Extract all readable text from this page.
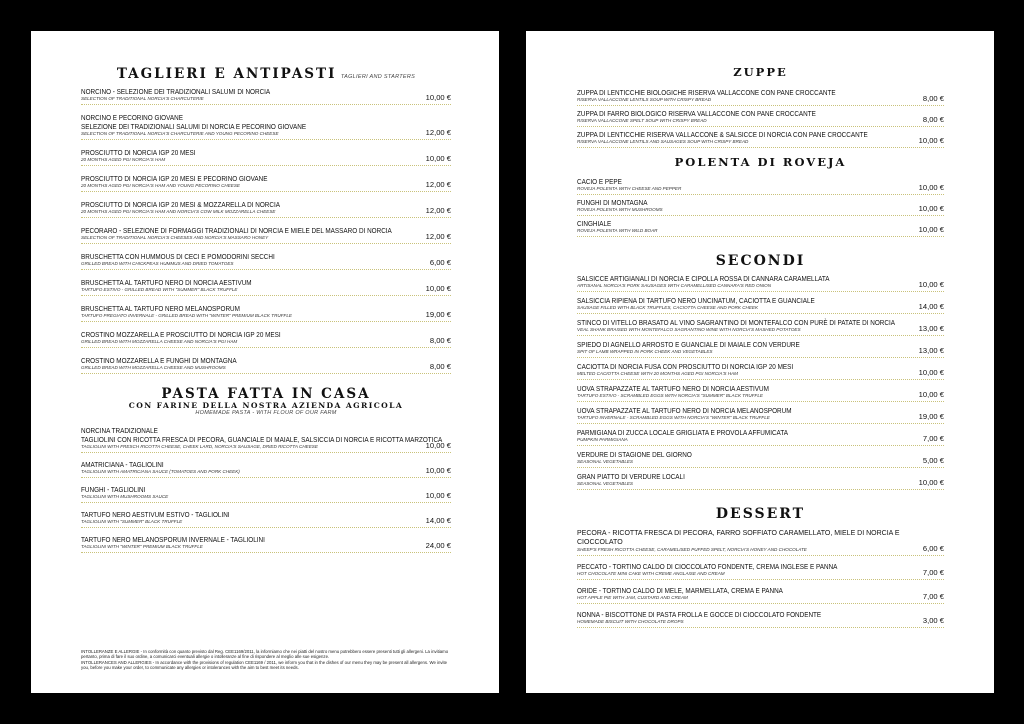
TAGLIERI E ANTIPASTI TAGLIERI AND STARTERS
NORCINO - SELEZIONE DEI TRADIZIONALI SALUMI DI NORCIA
SELECTION OF TRADITIONAL NORCIA'S CHARCUTERIE	10,00 €
NORCINO E PECORINO GIOVANE
SELEZIONE DEI TRADIZIONALI SALUMI DI NORCIA E PECORINO GIOVANE
SELECTION OF TRADITIONAL NORCIA'S CHARCUTERIE AND YOUNG PECORINO CHEESE	12,00 €
PROSCIUTTO DI NORCIA IGP 20 MESI
20 MONTHS AGED PGI NORCIA'S HAM	10,00 €
PROSCIUTTO DI NORCIA IGP 20 MESI E PECORINO GIOVANE
20 MONTHS AGED PGI NORCIA'S HAM AND YOUNG PECORINO CHEESE	12,00 €
PROSCIUTTO DI NORCIA IGP 20 MESI & MOZZARELLA DI NORCIA
20 MONTHS AGED PGI NORCIA'S HAM AND NORCIA'S COW MILK MOZZARELLA CHEESE	12,00 €
PECORARO - SELEZIONE DI FORMAGGI TRADIZIONALI DI NORCIA E MIELE DEL MASSARO DI NORCIA
SELECTION OF TRADITIONAL NORCIA'S CHEESES AND NORCIA'S MASSARO HONEY	12,00 €
BRUSCHETTA CON HUMMOUS DI CECI E POMODORINI SECCHI
GRILLED BREAD WITH CHICKPEAS HUMMUS AND DRIED TOMATOES	6,00 €
BRUSCHETTA AL TARTUFO NERO DI NORCIA AESTIVUM
TARTUFO ESTIVO - GRILLED BREAD WITH "SUMMER" BLACK TRUFFLE	10,00 €
BRUSCHETTA AL TARTUFO NERO MELANOSPORUM
TARTUFO PREGIATO INVERNALE - GRILLED BREAD WITH "WINTER" PREMIUM BLACK TRUFFLE	19,00 €
CROSTINO MOZZARELLA E PROSCIUTTO DI NORCIA IGP 20 MESI
GRILLED BREAD WITH MOZZARELLA CHEESE AND NORCIA'S PGI HAM	8,00 €
CROSTINO MOZZARELLA E FUNGHI DI MONTAGNA
GRILLED BREAD WITH MOZZARELLA CHEESE AND MUSHROOMS	8,00 €
PASTA FATTA IN CASA
CON FARINE DELLA NOSTRA AZIENDA AGRICOLA
HOMEMADE PASTA - WITH FLOUR OF OUR FARM
NORCINA TRADIZIONALE
TAGLIOLINI CON RICOTTA FRESCA DI PECORA, GUANCIALE DI MAIALE, SALSICCIA DI NORCIA E RICOTTA MARZOTICA
TAGLIOLINI WITH FRESCH RICOTTA CHEESE, CHEEK LARD, NORCIA'S SAUSAGE, DRIED RICOTTA CHEESE	10,00 €
AMATRICIANA - TAGLIOLINI
TAGLIOLINI WITH AMATRICIANA SAUCE (TOMATOES AND PORK CHEEK)	10,00 €
FUNGHI - TAGLIOLINI
TAGLIOLINI WITH MUSHROOMS SAUCE	10,00 €
TARTUFO NERO AESTIVUM ESTIVO - TAGLIOLINI
TAGLIOLINI WITH "SUMMER" BLACK TRUFFLE	14,00 €
TARTUFO NERO MELANOSPORUM INVERNALE - TAGLIOLINI
TAGLIOLINI WITH "WINTER" PREMIUM BLACK TRUFFLE	24,00 €
INTOLLERANZE E ALLERGIE - In conformità con quanto previsto dal Reg. CEE1169/2011, la informiamo che nei piatti del nostro menu potrebbero essere presenti tutti gli allergeni. La invitiamo
pertanto, prima di fare il suo ordine, a comunicarci eventuali allergie o intolleranze al fine di rispondere al meglio alle sue esigenze.
INTOLLERANCES AND ALLERGIES - In accordance with the provisions of regulation CEE1169 / 2011, we inform you that in the dishes of our menu they may be present all allergens. We invite
you, before you make your order, to communicate any allergies or intolerances with the aim to best meet its needs.
ZUPPE
ZUPPA DI LENTICCHIE BIOLOGICHE RISERVA VALLACCONE CON PANE CROCCANTE
RISERVA VALLACCONE LENTILS SOUP WITH CRISPY BREAD	8,00 €
ZUPPA DI FARRO BIOLOGICO RISERVA VALLACCONE CON PANE CROCCANTE
RISERVA VALLACCONE SPELT SOUP WITH CRISPY BREAD	8,00 €
ZUPPA DI LENTICCHIE RISERVA VALLACCONE & SALSICCE DI NORCIA CON PANE CROCCANTE
RISERVA VALLACCONE LENTILS AND SAUSAGES SOUP WITH CRISPY BREAD	10,00 €
POLENTA DI ROVEJA
CACIO E PEPE
ROVEJA POLENTA WITH CHEESE AND PEPPER	10,00 €
FUNGHI DI MONTAGNA
ROVEJA POLENTA WITH MUSHROOMS	10,00 €
CINGHIALE
ROVEJA POLENTA WITH WILD BOAR	10,00 €
SECONDI
SALSICCE ARTIGIANALI DI NORCIA E CIPOLLA ROSSA DI CANNARA CARAMELLATA
ARTISANAL NORCIA'S PORK SAUSAGES WITH CARAMELLISED CANNARA'S RED ONION	10,00 €
SALSICCIA RIPIENA DI TARTUFO NERO UNCINATUM, CACIOTTA E GUANCIALE
SAUSAGE FILLED WITH BLACK TRUFFLES, CACIOTTA CHEESE AND PORK CHEEK	14,00 €
STINCO DI VITELLO BRASATO AL VINO SAGRANTINO DI MONTEFALCO CON PURÈ DI PATATE DI NORCIA
VEAL SHANK BRAISED WITH MONTEFALCO SAGRANTINO WINE WITH NORCIA'S MASHED POTATOES	13,00 €
SPIEDO DI AGNELLO ARROSTO E GUANCIALE DI MAIALE CON VERDURE
SPIT OF LAMB WRAPPED IN PORK CHEEK AND VEGETABLES	13,00 €
CACIOTTA DI NORCIA FUSA CON PROSCIUTTO DI NORCIA IGP 20 MESI
MELTED CACIOTTA CHEESE WITH 20 MONTHS AGED PGI NORCIA'S HAM	10,00 €
UOVA STRAPAZZATE AL TARTUFO NERO DI NORCIA AESTIVUM
TARTUFO ESTIVO - SCRAMBLED EGGS WITH NORCIA'S "SUMMER" BLACK TRUFFLE	10,00 €
UOVA STRAPAZZATE AL TARTUFO NERO DI NORCIA MELANOSPORUM
TARTUFO INVERNALE - SCRAMBLED EGGS WITH NORCIA'S "WINTER" BLACK TRUFFLE	19,00 €
PARMIGIANA DI ZUCCA LOCALE GRIGLIATA E PROVOLA AFFUMICATA
PUMPKIN PARMIGIANA	7,00 €
VERDURE DI STAGIONE DEL GIORNO
SEASONAL VEGETABLES	5,00 €
GRAN PIATTO DI VERDURE LOCALI
SEASONAL VEGETABLES	10,00 €
DESSERT
PECORA - RICOTTA FRESCA DI PECORA, FARRO SOFFIATO CARAMELLATO, MIELE DI NORCIA E CIOCCOLATO
SHEEP'S FRESH RICOTTA CHEESE, CARAMELISED PUFFED SPELT, NORCIA'S HONEY AND CHOCOLATE	6,00 €
PECCATO - TORTINO CALDO DI CIOCCOLATO FONDENTE, CREMA INGLESE E PANNA
HOT CHOCOLATE MINI CAKE WITH CREME ANGLAISE AND CREAM	7,00 €
ORIDE - TORTINO CALDO DI MELE, MARMELLATA, CREMA E PANNA
HOT APPLE PIE WITH JAM, CUSTARD AND CREAM	7,00 €
NONNA - BISCOTTONE DI PASTA FROLLA E GOCCE DI CIOCCOLATO FONDENTE
HOMEMADE BISCUIT WITH CHOCOLATE DROPS	3,00 €
